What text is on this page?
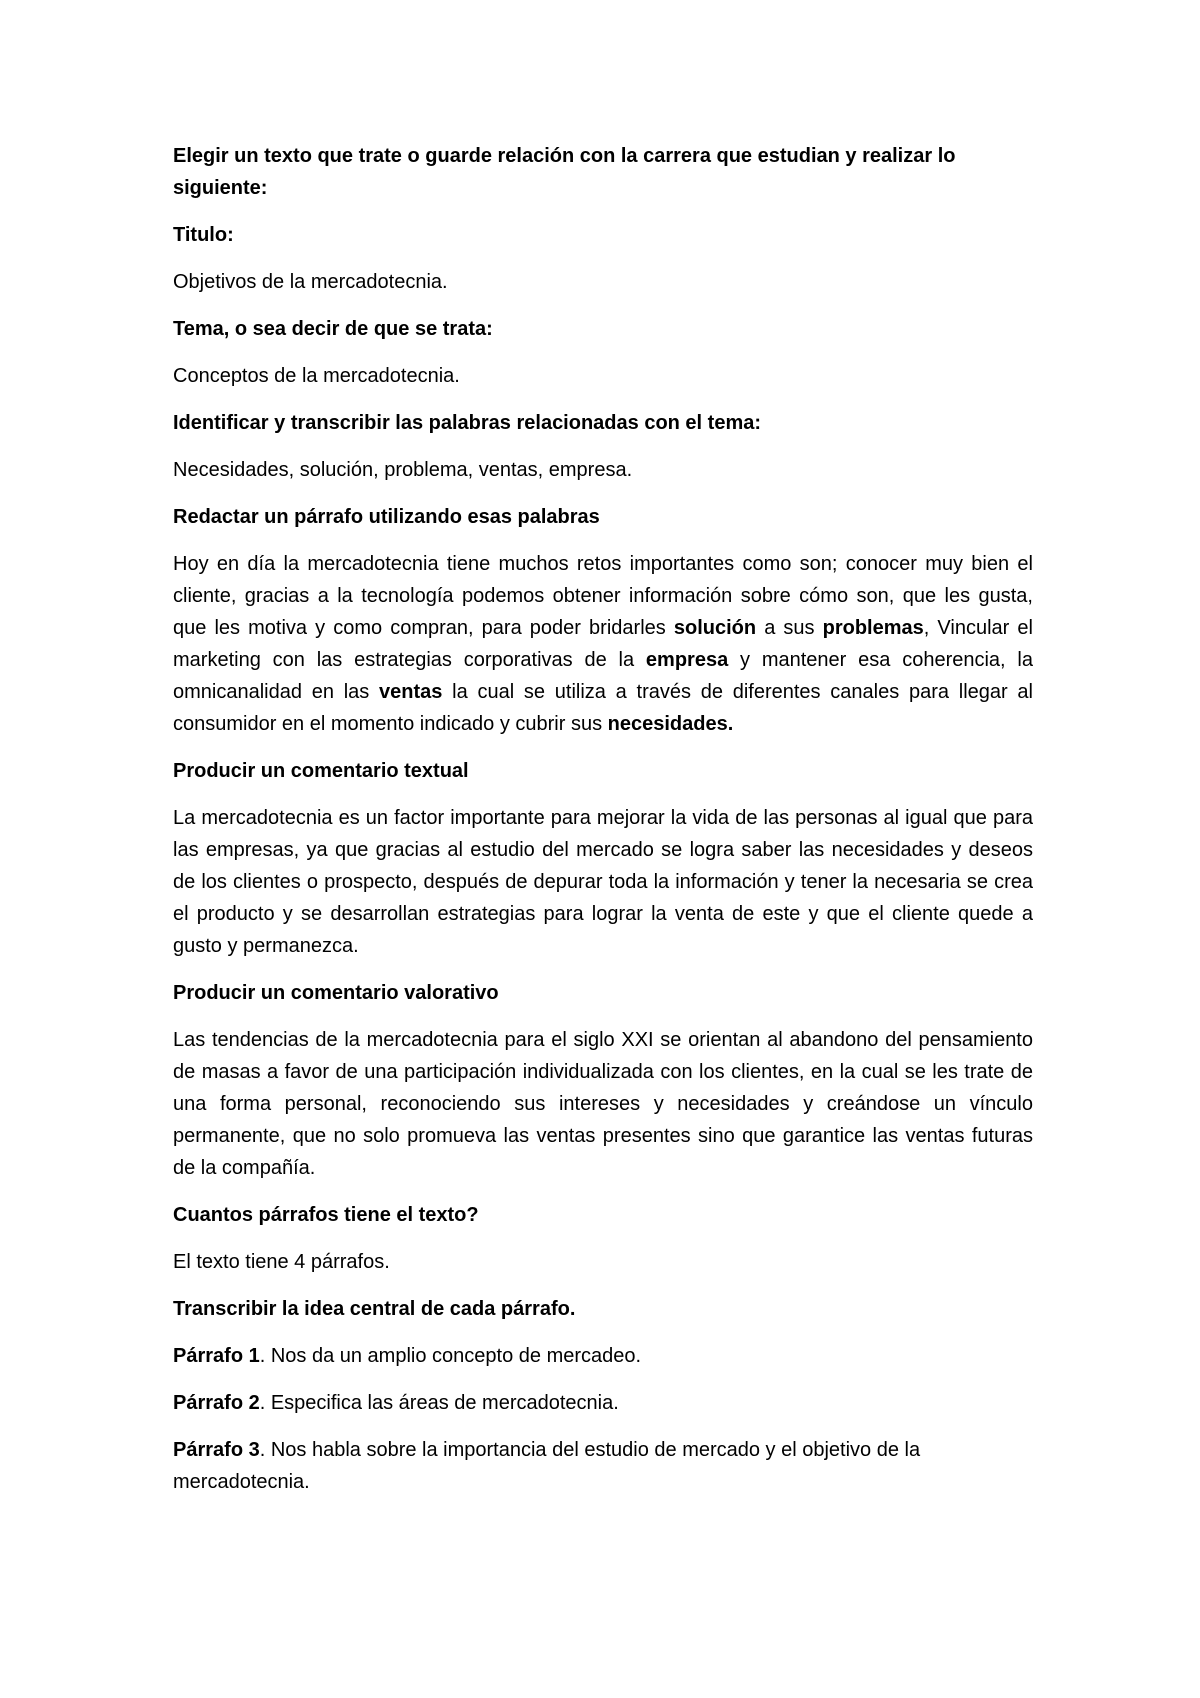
Elegir un texto que trate o guarde relación con la carrera que estudian y realizar lo siguiente:

Titulo:

Objetivos de la mercadotecnia.

Tema, o sea decir de que se trata:

Conceptos de la mercadotecnia.

Identificar y transcribir las palabras relacionadas con el tema:

Necesidades, solución, problema, ventas, empresa.

Redactar un párrafo utilizando esas palabras

Hoy en día la mercadotecnia tiene muchos retos importantes como son; conocer muy bien el cliente, gracias a la tecnología podemos obtener información sobre cómo son, que les gusta, que les motiva y como compran, para poder bridarles solución a sus problemas, Vincular el marketing con las estrategias corporativas de la empresa y mantener esa coherencia, la omnicanalidad en las ventas la cual se utiliza a través de diferentes canales para llegar al consumidor en el momento indicado y cubrir sus necesidades.

Producir un comentario textual

La mercadotecnia es un factor importante para mejorar la vida de las personas al igual que para las empresas, ya que gracias al estudio del mercado se logra saber las necesidades y deseos de los clientes o prospecto, después de depurar toda la información y tener la necesaria se crea el producto y se desarrollan estrategias para lograr la venta de este y que el cliente quede a gusto y permanezca.

Producir un comentario valorativo

Las tendencias de la mercadotecnia para el siglo XXI se orientan al abandono del pensamiento de masas a favor de una participación individualizada con los clientes, en la cual se les trate de una forma personal, reconociendo sus intereses y necesidades y creándose un vínculo permanente, que no solo promueva las ventas presentes sino que garantice las ventas futuras de la compañía.

Cuantos párrafos tiene el texto?

El texto tiene 4 párrafos.

Transcribir la idea central de cada párrafo.

Párrafo 1. Nos da un amplio concepto de mercadeo.

Párrafo 2. Especifica las áreas de mercadotecnia.

Párrafo 3. Nos habla sobre la importancia del estudio de mercado y el objetivo de la mercadotecnia.
